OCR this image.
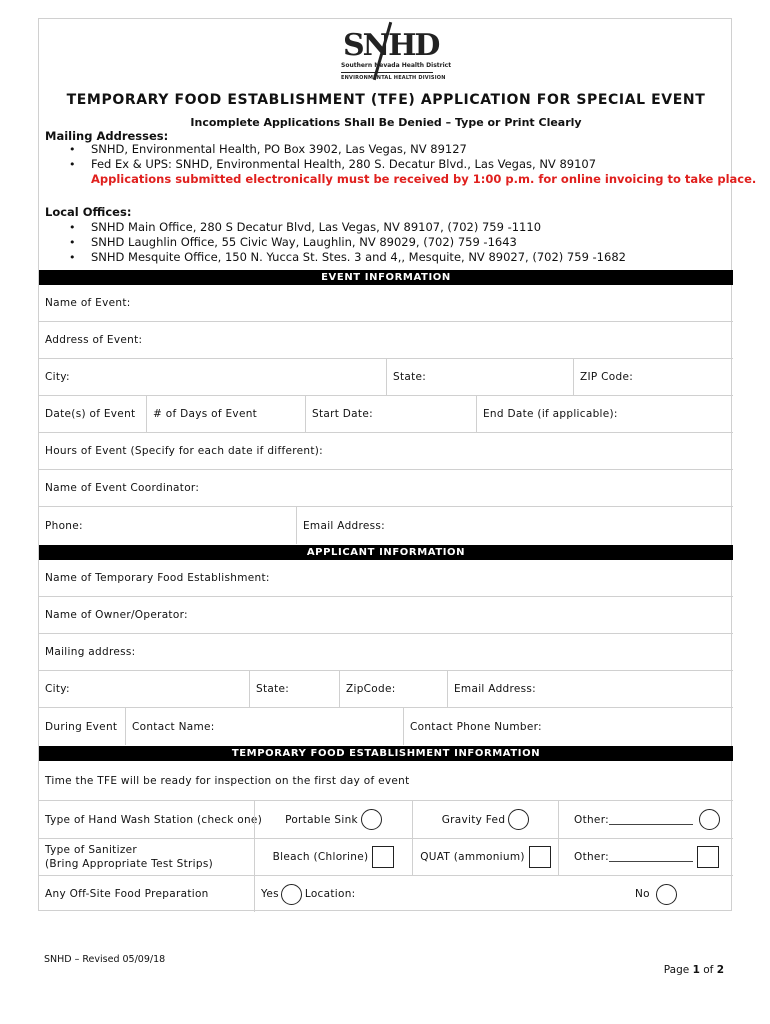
SNHD
Southern Nevada Health District
ENVIRONMENTAL HEALTH DIVISION
TEMPORARY FOOD ESTABLISHMENT (TFE) APPLICATION FOR SPECIAL EVENT
Incomplete Applications Shall Be Denied – Type or Print Clearly
Mailing Addresses:
• SNHD, Environmental Health, PO Box 3902, Las Vegas, NV 89127
• Fed Ex & UPS: SNHD, Environmental Health, 280 S. Decatur Blvd., Las Vegas, NV 89107
Applications submitted electronically must be received by 1:00 p.m. for online invoicing to take place.
Local Offices:
• SNHD Main Office, 280 S Decatur Blvd, Las Vegas, NV 89107, (702) 759 -1110
• SNHD Laughlin Office, 55 Civic Way, Laughlin, NV 89029, (702) 759 -1643
• SNHD Mesquite Office, 150 N. Yucca St. Stes. 3 and 4,, Mesquite, NV 89027, (702) 759 -1682
EVENT INFORMATION
Name of Event:
Address of Event:
City:	State:	ZIP Code:
Date(s) of Event	# of Days of Event	Start Date:	End Date (if applicable):
Hours of Event (Specify for each date if different):
Name of Event Coordinator:
Phone:	Email Address:
APPLICANT INFORMATION
Name of Temporary Food Establishment:
Name of Owner/Operator:
Mailing address:
City:	State:	ZipCode:	Email Address:
During Event	Contact Name:	Contact Phone Number:
TEMPORARY FOOD ESTABLISHMENT INFORMATION
Time the TFE will be ready for inspection on the first day of event
Type of Hand Wash Station (check one) Portable Sink	Gravity Fed	Other:
Type of Sanitizer
(Bring Appropriate Test Strips)
Bleach (Chlorine)	QUAT (ammonium)	Other:
Any Off-Site Food Preparation	Yes Location:	No
SNHD – Revised 05/09/18
Page 1 of 2
